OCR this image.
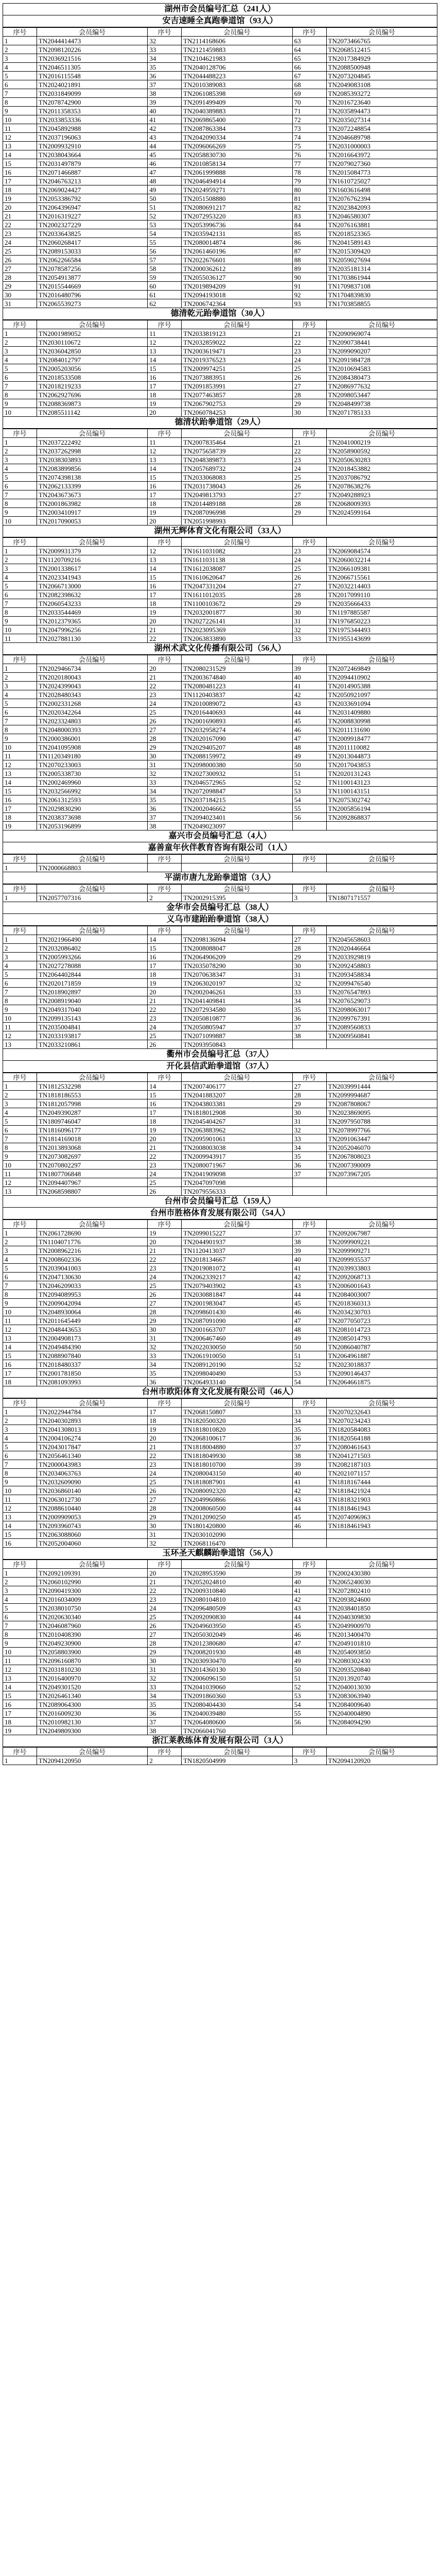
湖州市会员编号汇总（241人）
安吉速睡全真跑拳道馆（93人）
序号	会员编号	序号	会员编号	序号	会员编号
1	TN2044414473	32	TN2114168606	63	TN2073466765
2	TN2098120226	33	TN2121459883	64	TN2068512415
3	TN2036921516	34	TN2104621983	65	TN2017384929
4	TN2046511305	35	TN2040128706	66	TN2088500948
5	TN2016115548	36	TN2044488223	67	TN2073204845
6	TN2024021891	37	TN2010389083	68	TN2049083108
7	TN2031849099	38	TN2061085398	69	TN2085393272
8	TN2078742900	39	TN2091499409	70	TN2016723640
9	TN2011358353	40	TN2040389883	71	TN2035894473
10	TN2033853336	41	TN2069865400	72	TN2035027314
11	TN2045892988	42	TN2087863384	73	TN2072248854
12	TN2037196063	43	TN2042090334	74	TN2046689798
13	TN2009932910	44	TN2096066269	75	TN2031000003
14	TN2038043664	45	TN2058830730	76	TN2016643972
15	TN2031497879	46	TN2010858134	77	TN2079027360
16	TN2071466887	47	TN2061999888	78	TN2015084773
17	TN2046763213	48	TN2046494914	79	TN1610725027
18	TN2069024427	49	TN2024959271	80	TN1603616498
19	TN2053386792	50	TN2051508880	81	TN2076762394
20	TN2064396947	51	TN2080691217	82	TN2023842093
21	TN2016319227	52	TN2072953220	83	TN2046580307
22	TN2002327229	53	TN2053996736	84	TN2076163881
23	TN2033643825	54	TN2035942131	85	TN2018523365
24	TN2060268417	55	TN2080014874	86	TN2041589143
25	TN2089153033	56	TN2061460196	87	TN2015309420
26	TN2062266584	57	TN2022676601	88	TN2059027694
27	TN2078587256	58	TN2000362612	89	TN2035181314
28	TN2054913877	59	TN2055036127	90	TN1703861944
29	TN2015544669	60	TN2019894209	91	TN1709837108
30	TN2016480796	61	TN2094193018	92	TN1704839830
31	TN2065539273	62	TN2006742364	93	TN1703858855
德清乾元跆拳道馆（30人）
序号	会员编号	序号	会员编号	序号	会员编号
1	TN2001989052	11	TN2033819123	21	TN2090969074
2	TN2030110672	12	TN2032859022	22	TN2090738441
3	TN2036042850	13	TN2003619471	23	TN2099090207
4	TN2084012797	14	TN2019376523	24	TN2091984728
5	TN2005203056	15	TN2009974251	25	TN2010694583
6	TN2018533508	16	TN2073883951	26	TN2084380473
7	TN2018219233	17	TN2091853991	27	TN2086977632
8	TN2062927696	18	TN2077463857	28	TN2098053447
9	TN2088369873	19	TN2067902753	29	TN2048499738
10	TN2085511142	20	TN2060784253	30	TN2071785133
德清状跆拳道馆（29人）
序号	会员编号	序号	会员编号	序号	会员编号
1	TN2037222492	11	TN2007835464	21	TN2041000219
2	TN2037262998	12	TN2075658739	22	TN2058900592
3	TN2038303893	13	TN2048389873	23	TN2050630283
4	TN2083899856	14	TN2057689732	24	TN2018453882
5	TN2074398138	15	TN2033068083	25	TN2037086792
6	TN2062133399	16	TN2031738043	26	TN2078638276
7	TN2043673673	17	TN2049813793	27	TN2049288923
8	TN2001863982	18	TN2014489188	28	TN2068009393
9	TN2003410917	19	TN2087096998	29	TN2024599164
10	TN2017090053	20	TN2051998993		
湖州无辉体育文化有限公司（33人）
序号	会员编号	序号	会员编号	序号	会员编号
1	TN2009931379	12	TN1611031082	23	TN2069084574
2	TN1120709216	13	TN1611031138	24	TN2060032214
3	TN2001338617	14	TN1612038087	25	TN2066109381
4	TN2023341943	15	TN1610620647	26	TN2066715561
5	TN2066713000	16	TN2047331204	27	TN2032214403
6	TN2082398632	17	TN1611012035	28	TN2017099110
7	TN2060543233	18	TN1100103672	29	TN2035666433
8	TN2033544469	19	TN2032001877	30	TN1197885587
9	TN2012379365	20	TN2027226141	31	TN1976850223
10	TN2047996256	21	TN2023095369	32	TN1975344493
11	TN2027881130	22	TN2063833890	33	TN1955143699
湖州术武文化传播有限公司（56人）
序号	会员编号	序号	会员编号	序号	会员编号
1	TN2029466734	20	TN2080231529	39	TN2072469849
2	TN2020180043	21	TN2003674840	40	TN2094410902
3	TN2024399043	22	TN2080481223	41	TN2014905388
4	TN2028480343	23	TN1120403837	42	TN2050921097
5	TN2002331268	24	TN2010089072	43	TN2033691094
6	TN2020342264	25	TN2016440693	44	TN2031409880
7	TN2023324803	26	TN2001690893	45	TN2008830998
8	TN2048000393	27	TN2032958274	46	TN2011131690
9	TN2000386001	28	TN2020167090	47	TN2009918477
10	TN2041095908	29	TN2029405207	48	TN2011110082
11	TN1120349180	30	TN2088159972	49	TN2013044873
12	TN2070233003	31	TN2098000380	50	TN2017043853
13	TN2005338730	32	TN2027300932	51	TN2020131243
14	TN2002469960	33	TN2046572965	52	TN1100143123
15	TN2032566992	34	TN2072098847	53	TN1100143151
16	TN2061312593	35	TN2037184215	54	TN2075302742
17	TN2029830290	36	TN2002046662	55	TN2005856194
18	TN2038373698	37	TN2094023401	56	TN2092868837
19	TN2053196899	38	TN2049023097		
嘉兴市会员编号汇总（4人）
嘉善童年伙伴教育咨询有限公司（1人）
序号	会员编号	序号	会员编号	序号	会员编号
1	TN2000668803				
平湖市唐九龙跆拳道馆（3人）
序号	会员编号	序号	会员编号	序号	会员编号
1	TN2057707316	2	TN2002915395	3	TN1807171557
金华市会员编号汇总（38人）
义乌市建跆跆拳道馆（38人）
序号	会员编号	序号	会员编号	序号	会员编号
1	TN2021966490	14	TN2098136094	27	TN2045658603
2	TN2032086402	15	TN2008088047	28	TN2020446664
3	TN2005993266	16	TN2064906209	29	TN2033929819
4	TN2027278088	17	TN2035078290	30	TN2092458803
5	TN2064402844	18	TN2070638347	31	TN2093458834
6	TN2020171859	19	TN2063020197	32	TN2099476540
7	TN2018902897	20	TN2002046261	33	TN2076547893
8	TN2008919040	21	TN2041409841	34	TN2076529073
9	TN2049317040	22	TN2072934580	35	TN2098063017
10	TN2099135143	23	TN2050810877	36	TN2099767391
11	TN2035004841	24	TN2050805947	37	TN2089560833
12	TN2033193817	25	TN2071099887	38	TN2009560841
13	TN2033210861	26	TN2093950843		
衢州市会员编号汇总（37人）
开化县信武跆拳道馆（37人）
序号	会员编号	序号	会员编号	序号	会员编号
1	TN1812532298	14	TN2007406177	27	TN2039991444
2	TN1818186553	15	TN2041883207	28	TN2099994687
3	TN1812057998	16	TN2043803381	29	TN2087808067
4	TN2049390287	17	TN1818012908	30	TN2023869095
5	TN1809746047	18	TN2045404267	31	TN2097950788
6	TN1816096177	19	TN2063883962	32	TN2078997766
7	TN1814169018	20	TN2095901061	33	TN2091063447
8	TN2013893068	21	TN2008003038	34	TN2052046070
9	TN2073082697	22	TN2009943917	35	TN2067808023
10	TN2070802297	23	TN2080071967	36	TN2007390009
11	TN1807706848	24	TN2041909098	37	TN2073967205
12	TN2094407967	25	TN2047097098		
13	TN2068598807	26	TN2079556333		
台州市会员编号汇总（159人）
台州市胜格体育发展有限公司（54人）
序号	会员编号	序号	会员编号	序号	会员编号
1	TN2061728690	19	TN2099015227	37	TN2092067987
2	TN1104071776	20	TN2044901937	38	TN2099909221
3	TN2008962216	21	TN1120413037	39	TN2099909271
4	TN2008602336	22	TN2018134667	40	TN2099935537
5	TN2039041003	23	TN2019081072	41	TN2039933803
6	TN2047130630	24	TN2062339217	42	TN2092068713
7	TN2046209033	25	TN2079403902	43	TN2006001643
8	TN2094089953	26	TN2030881847	44	TN2084003007
9	TN2009042094	27	TN2001983047	45	TN2018360313
10	TN2048930064	28	TN2098601430	46	TN2034230703
11	TN2011645449	29	TN2087091090	47	TN2077050723
12	TN2048443653	30	TN2001663707	48	TN2081014723
13	TN2004908173	31	TN2006467460	49	TN2085014793
14	TN2049484390	32	TN2022030050	50	TN2086040787
15	TN2088907840	33	TN2061910050	51	TN2064961887
16	TN2018480337	34	TN2089120190	52	TN2023018837
17	TN2001781850	35	TN2098040490	53	TN2090146437
18	TN2081093993	36	TN2064933140	54	TN2064661875
台州市欧阳体育文化发展有限公司（46人）
序号	会员编号	序号	会员编号	序号	会员编号
1	TN2022944784	17	TN2068150807	33	TN2070232643
2	TN2040302893	18	TN1820500320	34	TN2070234243
3	TN2041308013	19	TN1818010820	35	TN1820584083
4	TN2004106274	20	TN2068100617	36	TN1820564188
5	TN2043017847	21	TN1818004880	37	TN2080461643
6	TN2056461340	22	TN1818049930	38	TN2041271503
7	TN2000043983	23	TN1818010700	39	TN2082187103
8	TN2034063763	24	TN2080043150	40	TN2021071157
9	TN2032609090	25	TN1818087901	41	TN1818167444
10	TN2036860140	26	TN2080092320	42	TN1818421924
11	TN2063012730	27	TN2049960866	43	TN1818321903
12	TN2088610440	28	TN2008060500	44	TN1818461943
13	TN2009909053	29	TN2012090250	45	TN2074096963
14	TN2093960743	30	TN1801420800	46	TN1818461943
15	TN2063088060	31	TN2030102090		
16	TN2052004060	32	TN2068116470		
玉环圣天麒麟跆拳道馆（56人）
序号	会员编号	序号	会员编号	序号	会员编号
1	TN2092109391	20	TN2028953590	39	TN2002430380
2	TN2060102990	21	TN2052024810	40	TN2065240030
3	TN2090419300	22	TN2009310840	41	TN2072802410
4	TN2016034009	23	TN2080104810	42	TN2093824600
5	TN2038010750	24	TN2096480509	43	TN2038401850
6	TN2020630340	25	TN2092090830	44	TN2040309830
7	TN2046087960	26	TN2049603950	45	TN2049900970
8	TN2010408390	27	TN2050302049	46	TN2013400470
9	TN2049230900	28	TN2012380680	47	TN2049101810
10	TN2058803900	29	TN2008201930	48	TN2054093850
11	TN2096160870	30	TN2030930470	49	TN2080302430
12	TN2031810230	31	TN2014360130	50	TN2093520840
13	TN2016400970	32	TN2006096150	51	TN2013920740
14	TN2049301520	33	TN2041039060	52	TN2040013030
15	TN2026461340	34	TN2091860360	53	TN2083063940
16	TN2089064300	35	TN2080404430	54	TN2084009640
17	TN2016009230	36	TN2040039480	55	TN2040004890
18	TN2010982130	37	TN2064080600	56	TN2084094290
19	TN2049809300	38	TN2066041760		
浙江莱教练体育发展有限公司（3人）
序号	会员编号	序号	会员编号	序号	会员编号
1	TN2094120950	2	TN1820504999	3	TN2094120920
